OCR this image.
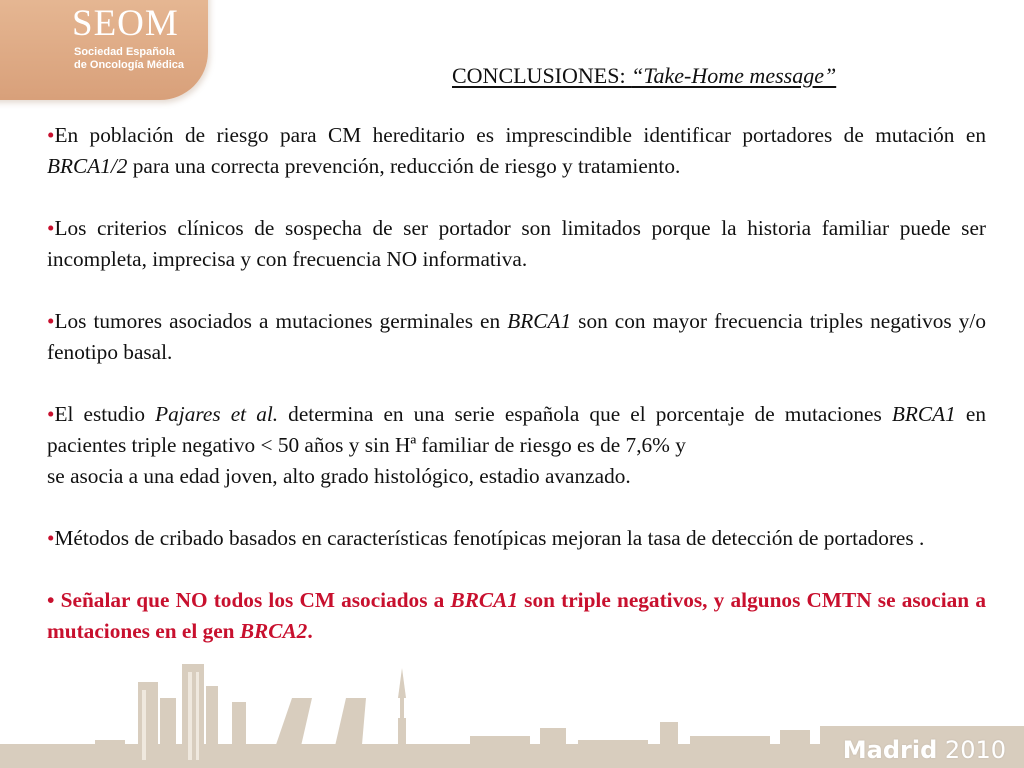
SEOM
Sociedad Española
de Oncología Médica	CONCLUSIONES: “Take-Home message”

•En población de riesgo para CM hereditario es imprescindible identificar portadores de mutación en BRCA1/2 para una correcta prevención, reducción de riesgo y tratamiento.

•Los criterios clínicos de sospecha de ser portador son limitados porque la historia familiar puede ser incompleta, imprecisa y con frecuencia NO informativa.

•Los tumores asociados a mutaciones germinales en BRCA1 son con mayor frecuencia triples negativos y/o fenotipo basal.

•El estudio Pajares et al. determina en una serie española que el porcentaje de mutaciones BRCA1 en pacientes triple negativo < 50 años y sin Hª familiar de riesgo es de 7,6% y
se asocia a una edad joven, alto grado histológico, estadio avanzado.

•Métodos de cribado basados en características fenotípicas mejoran la tasa de detección de portadores .

• Señalar que NO todos los CM asociados a BRCA1 son triple negativos, y algunos CMTN se asocian a mutaciones en el gen BRCA2.

Madrid 2010
